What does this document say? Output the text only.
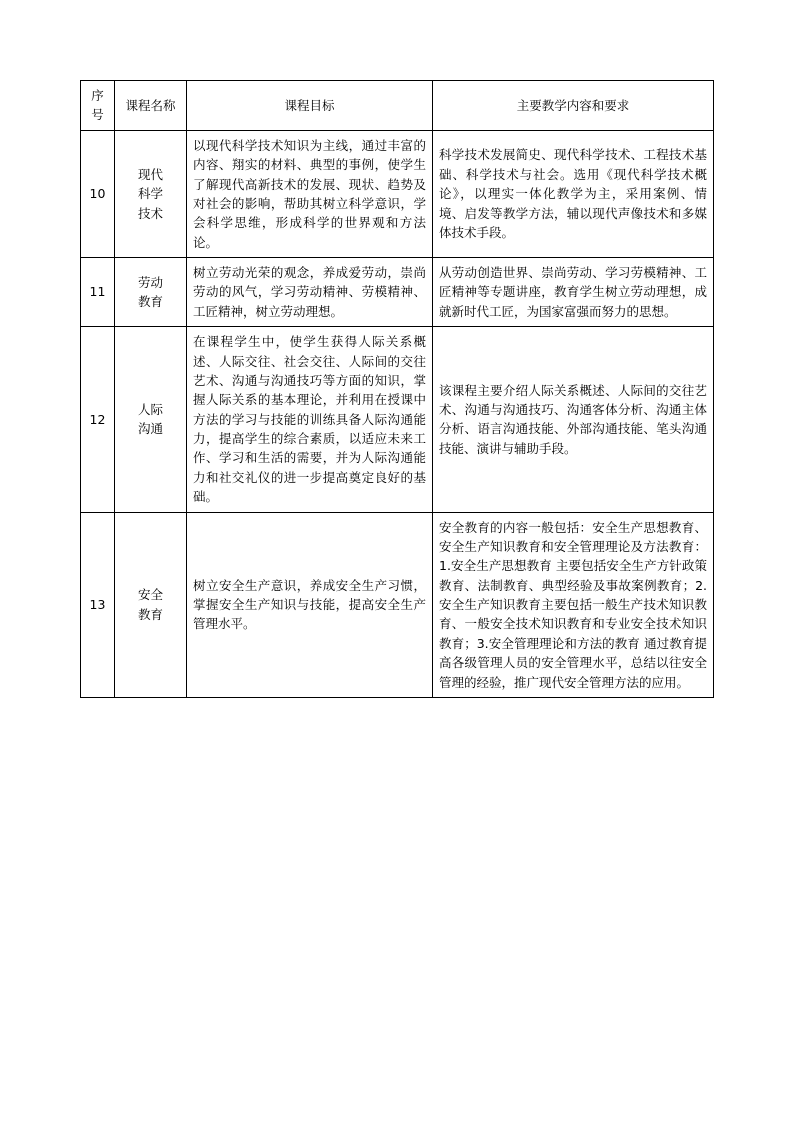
序
号	课程名称	课程目标	主要教学内容和要求
10	现代
科学
技术	以现代科学技术知识为主线，通过丰富的内容、翔实的材料、典型的事例，使学生了解现代高新技术的发展、现状、趋势及对社会的影响，帮助其树立科学意识，学会科学思维，形成科学的世界观和方法论。	科学技术发展简史、现代科学技术、工程技术基础、科学技术与社会。选用《现代科学技术概论》，以理实一体化教学为主，采用案例、情境、启发等教学方法，辅以现代声像技术和多媒体技术手段。
11	劳动
教育	树立劳动光荣的观念，养成爱劳动，崇尚劳动的风气，学习劳动精神、劳模精神、工匠精神，树立劳动理想。	从劳动创造世界、崇尚劳动、学习劳模精神、工匠精神等专题讲座，教育学生树立劳动理想，成就新时代工匠，为国家富强而努力的思想。
12	人际
沟通	在课程学生中，使学生获得人际关系概述、人际交往、社会交往、人际间的交往艺术、沟通与沟通技巧等方面的知识，掌握人际关系的基本理论，并利用在授课中方法的学习与技能的训练具备人际沟通能力，提高学生的综合素质，以适应未来工作、学习和生活的需要，并为人际沟通能力和社交礼仪的进一步提高奠定良好的基础。	该课程主要介绍人际关系概述、人际间的交往艺术、沟通与沟通技巧、沟通客体分析、沟通主体分析、语言沟通技能、外部沟通技能、笔头沟通技能、演讲与辅助手段。
13	安全
教育	树立安全生产意识，养成安全生产习惯，掌握安全生产知识与技能，提高安全生产管理水平。	安全教育的内容一般包括：安全生产思想教育、安全生产知识教育和安全管理理论及方法教育：1.安全生产思想教育 主要包括安全生产方针政策教育、法制教育、典型经验及事故案例教育；2.安全生产知识教育主要包括一般生产技术知识教育、一般安全技术知识教育和专业安全技术知识教育；3.安全管理理论和方法的教育 通过教育提高各级管理人员的安全管理水平，总结以往安全管理的经验，推广现代安全管理方法的应用。
